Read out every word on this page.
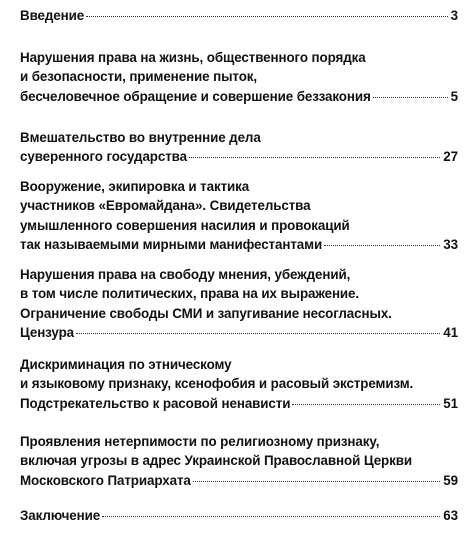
Введение	3
Нарушения права на жизнь, общественного порядка
и безопасности, применение пыток,
бесчеловечное обращение и совершение беззакония	5
Вмешательство во внутренние дела
суверенного государства	27
Вооружение, экипировка и тактика
участников «Евромайдана». Свидетельства
умышленного совершения насилия и провокаций
так называемыми мирными манифестантами	33
Нарушения права на свободу мнения, убеждений,
в том числе политических, права на их выражение.
Ограничение свободы СМИ и запугивание несогласных.
Цензура	41
Дискриминация по этническому
и языковому признаку, ксенофобия и расовый экстремизм.
Подстрекательство к расовой ненависти	51
Проявления нетерпимости по религиозному признаку,
включая угрозы в адрес Украинской Православной Церкви
Московского Патриархата	59
Заключение	63
